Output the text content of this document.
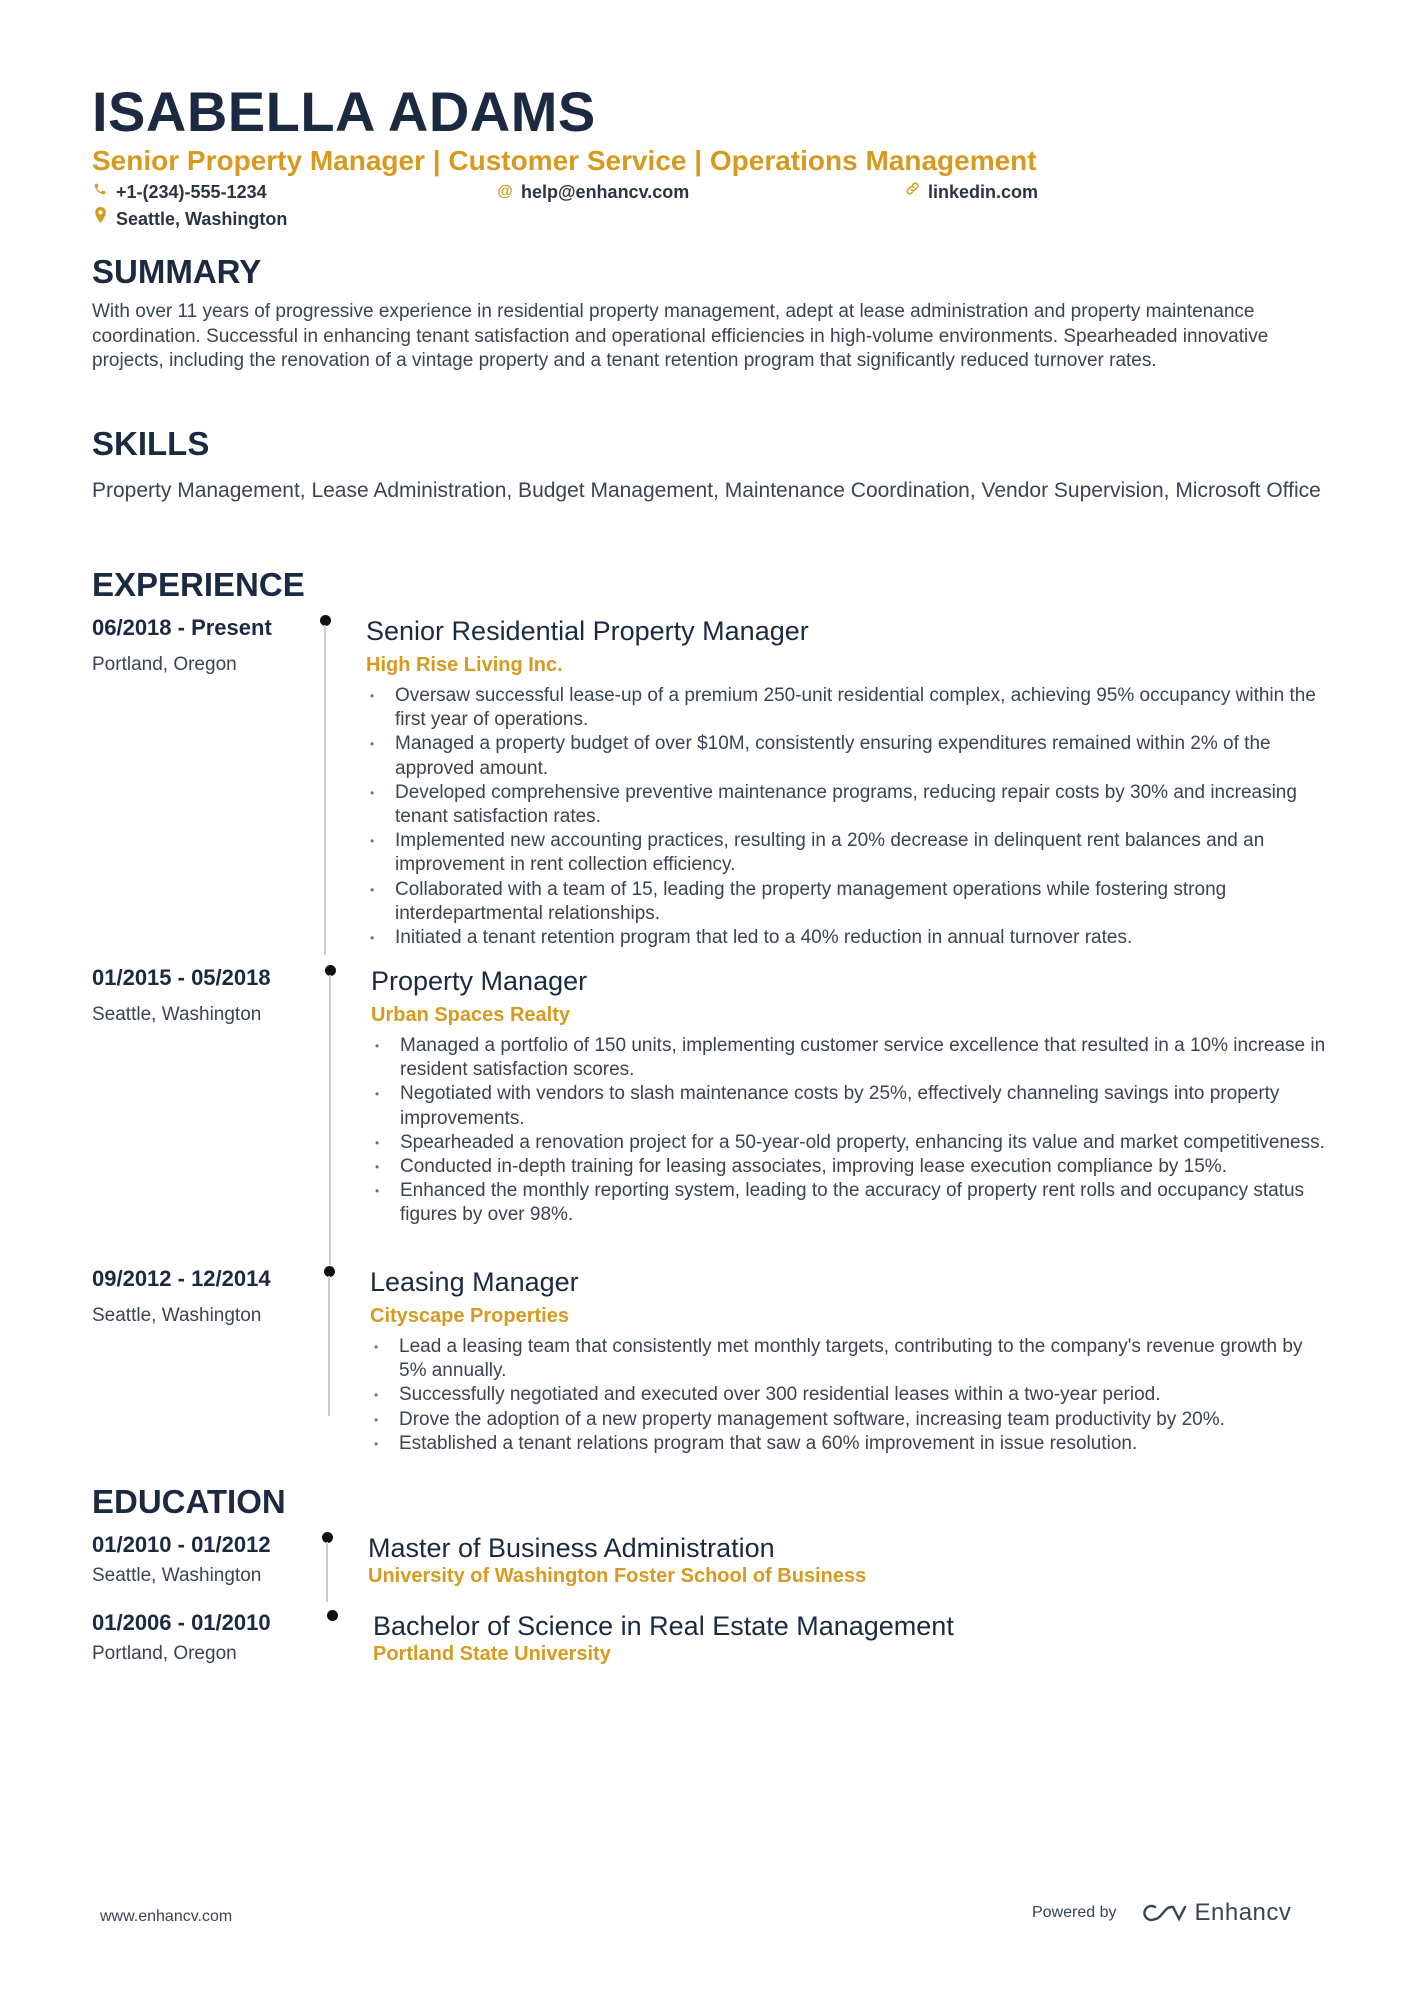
ISABELLA ADAMS
Senior Property Manager | Customer Service | Operations Management
+1-(234)-555-1234	@ help@enhancv.com	linkedin.com
Seattle, Washington
SUMMARY

With over 11 years of progressive experience in residential property management, adept at lease administration and property maintenance coordination. Successful in enhancing tenant satisfaction and operational efficiencies in high-volume environments. Spearheaded innovative projects, including the renovation of a vintage property and a tenant retention program that significantly reduced turnover rates.

SKILLS

Property Management, Lease Administration, Budget Management, Maintenance Coordination, Vendor Supervision, Microsoft Office

EXPERIENCE
06/2018 - Present
Portland, Oregon
Senior Residential Property Manager
High Rise Living Inc.
• Oversaw successful lease-up of a premium 250-unit residential complex, achieving 95% occupancy within the first year of operations.
• Managed a property budget of over $10M, consistently ensuring expenditures remained within 2% of the approved amount.
• Developed comprehensive preventive maintenance programs, reducing repair costs by 30% and increasing tenant satisfaction rates.
• Implemented new accounting practices, resulting in a 20% decrease in delinquent rent balances and an improvement in rent collection efficiency.
• Collaborated with a team of 15, leading the property management operations while fostering strong interdepartmental relationships.
• Initiated a tenant retention program that led to a 40% reduction in annual turnover rates.
01/2015 - 05/2018
Seattle, Washington
Property Manager
Urban Spaces Realty
• Managed a portfolio of 150 units, implementing customer service excellence that resulted in a 10% increase in resident satisfaction scores.
• Negotiated with vendors to slash maintenance costs by 25%, effectively channeling savings into property improvements.
• Spearheaded a renovation project for a 50-year-old property, enhancing its value and market competitiveness.
• Conducted in-depth training for leasing associates, improving lease execution compliance by 15%.
• Enhanced the monthly reporting system, leading to the accuracy of property rent rolls and occupancy status figures by over 98%.
09/2012 - 12/2014
Seattle, Washington
Leasing Manager
Cityscape Properties
• Lead a leasing team that consistently met monthly targets, contributing to the company's revenue growth by 5% annually.
• Successfully negotiated and executed over 300 residential leases within a two-year period.
• Drove the adoption of a new property management software, increasing team productivity by 20%.
• Established a tenant relations program that saw a 60% improvement in issue resolution.
EDUCATION
01/2010 - 01/2012
Seattle, Washington
Master of Business Administration
University of Washington Foster School of Business
01/2006 - 01/2010
Portland, Oregon
Bachelor of Science in Real Estate Management
Portland State University
www.enhancv.com	Powered by	Enhancv
